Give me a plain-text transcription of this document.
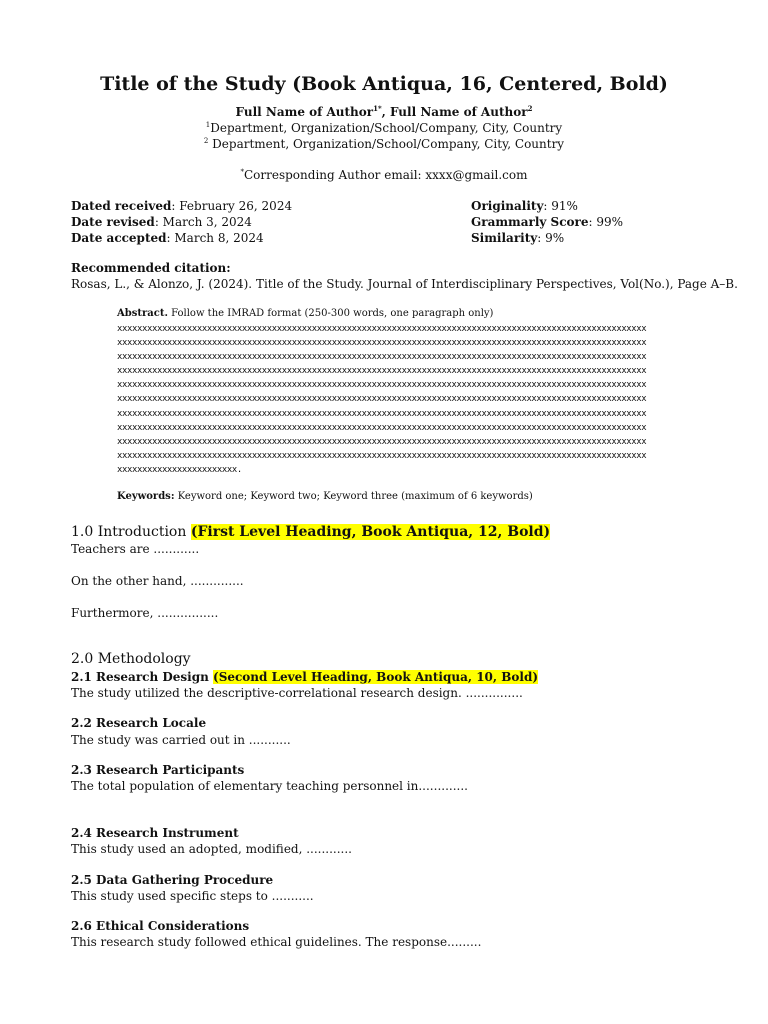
Title of the Study (Book Antiqua, 16, Centered, Bold)
Full Name of Author$^{1*}$, Full Name of Author$^2$
$^1$Department, Organization/School/Company, City, Country
$^2$ Department, Organization/School/Company, City, Country
*Corresponding Author email: xxxx@gmail.com
Dated received: February 26, 2024
Date revised: March 3, 2024
Date accepted: March 8, 2024
Originality: 91%
Grammarly Score: 99%
Similarity: 9%
Recommended citation:
Rosas, L., & Alonzo, J. (2024). Title of the Study. Journal of Interdisciplinary Perspectives, Vol(No.), Page A–B.
Abstract. Follow the IMRAD format (250-300 words, one paragraph only)
xxxxxxxxxxxxxxxxxxxxxxxxxxxxxxxxxxxxxxxxxxxxxxxxxxxxxxxxxxxxxxxxxxxxxxxxxxxxxxxxxxxxxxxxxxxxxxxxxxxxxxxxxx
xxxxxxxxxxxxxxxxxxxxxxxxxxxxxxxxxxxxxxxxxxxxxxxxxxxxxxxxxxxxxxxxxxxxxxxxxxxxxxxxxxxxxxxxxxxxxxxxxxxxxxxxxx
xxxxxxxxxxxxxxxxxxxxxxxxxxxxxxxxxxxxxxxxxxxxxxxxxxxxxxxxxxxxxxxxxxxxxxxxxxxxxxxxxxxxxxxxxxxxxxxxxxxxxxxxxx
xxxxxxxxxxxxxxxxxxxxxxxxxxxxxxxxxxxxxxxxxxxxxxxxxxxxxxxxxxxxxxxxxxxxxxxxxxxxxxxxxxxxxxxxxxxxxxxxxxxxxxxxxx
xxxxxxxxxxxxxxxxxxxxxxxxxxxxxxxxxxxxxxxxxxxxxxxxxxxxxxxxxxxxxxxxxxxxxxxxxxxxxxxxxxxxxxxxxxxxxxxxxxxxxxxxxx
xxxxxxxxxxxxxxxxxxxxxxxxxxxxxxxxxxxxxxxxxxxxxxxxxxxxxxxxxxxxxxxxxxxxxxxxxxxxxxxxxxxxxxxxxxxxxxxxxxxxxxxxxx
xxxxxxxxxxxxxxxxxxxxxxxxxxxxxxxxxxxxxxxxxxxxxxxxxxxxxxxxxxxxxxxxxxxxxxxxxxxxxxxxxxxxxxxxxxxxxxxxxxxxxxxxxx
xxxxxxxxxxxxxxxxxxxxxxxxxxxxxxxxxxxxxxxxxxxxxxxxxxxxxxxxxxxxxxxxxxxxxxxxxxxxxxxxxxxxxxxxxxxxxxxxxxxxxxxxxx
xxxxxxxxxxxxxxxxxxxxxxxxxxxxxxxxxxxxxxxxxxxxxxxxxxxxxxxxxxxxxxxxxxxxxxxxxxxxxxxxxxxxxxxxxxxxxxxxxxxxxxxxxx
xxxxxxxxxxxxxxxxxxxxxxxxxxxxxxxxxxxxxxxxxxxxxxxxxxxxxxxxxxxxxxxxxxxxxxxxxxxxxxxxxxxxxxxxxxxxxxxxxxxxxxxxxx
xxxxxxxxxxxxxxxxxxxxxxxx.
Keywords: Keyword one; Keyword two; Keyword three (maximum of 6 keywords)
1.0 Introduction (First Level Heading, Book Antiqua, 12, Bold)
Teachers are ............
On the other hand, ..............
Furthermore, ................
2.0 Methodology
2.1 Research Design (Second Level Heading, Book Antiqua, 10, Bold)
The study utilized the descriptive-correlational research design. ...............
2.2 Research Locale
The study was carried out in ...........
2.3 Research Participants
The total population of elementary teaching personnel in.............
2.4 Research Instrument
This study used an adopted, modified, ............
2.5 Data Gathering Procedure
This study used specific steps to ...........
2.6 Ethical Considerations
This research study followed ethical guidelines. The response.........
